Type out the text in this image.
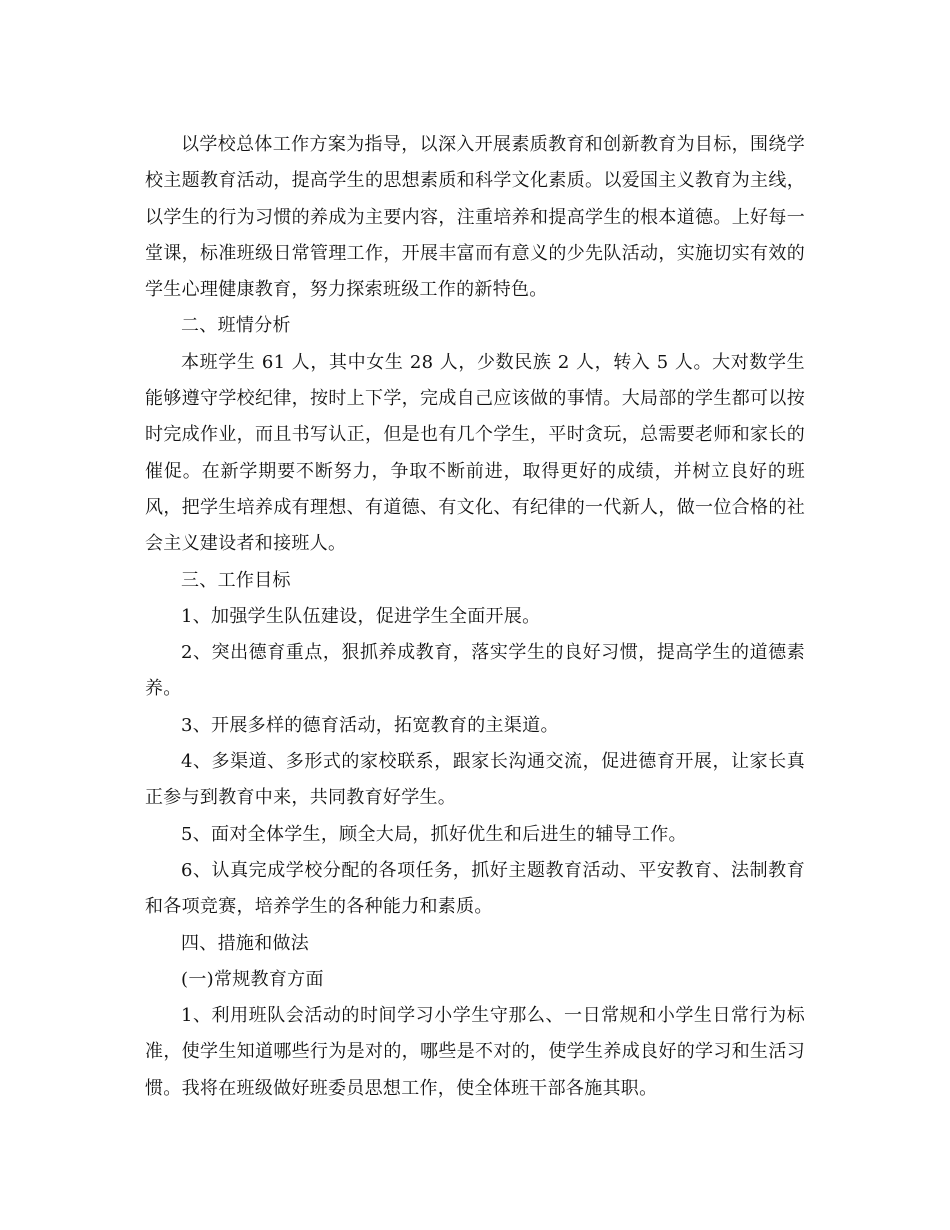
以学校总体工作方案为指导，以深入开展素质教育和创新教育为目标，围绕学校主题教育活动，提高学生的思想素质和科学文化素质。以爱国主义教育为主线，以学生的行为习惯的养成为主要内容，注重培养和提高学生的根本道德。上好每一堂课，标准班级日常管理工作，开展丰富而有意义的少先队活动，实施切实有效的学生心理健康教育，努力探索班级工作的新特色。

二、班情分析

本班学生 61 人，其中女生 28 人，少数民族 2 人，转入 5 人。大对数学生能够遵守学校纪律，按时上下学，完成自己应该做的事情。大局部的学生都可以按时完成作业，而且书写认正，但是也有几个学生，平时贪玩，总需要老师和家长的催促。在新学期要不断努力，争取不断前进，取得更好的成绩，并树立良好的班风，把学生培养成有理想、有道德、有文化、有纪律的一代新人，做一位合格的社会主义建设者和接班人。

三、工作目标

1、加强学生队伍建设，促进学生全面开展。

2、突出德育重点，狠抓养成教育，落实学生的良好习惯，提高学生的道德素养。

3、开展多样的德育活动，拓宽教育的主渠道。

4、多渠道、多形式的家校联系，跟家长沟通交流，促进德育开展，让家长真正参与到教育中来，共同教育好学生。

5、面对全体学生，顾全大局，抓好优生和后进生的辅导工作。

6、认真完成学校分配的各项任务，抓好主题教育活动、平安教育、法制教育和各项竞赛，培养学生的各种能力和素质。

四、措施和做法

(一)常规教育方面

1、利用班队会活动的时间学习小学生守那么、一日常规和小学生日常行为标准，使学生知道哪些行为是对的，哪些是不对的，使学生养成良好的学习和生活习惯。我将在班级做好班委员思想工作，使全体班干部各施其职。
